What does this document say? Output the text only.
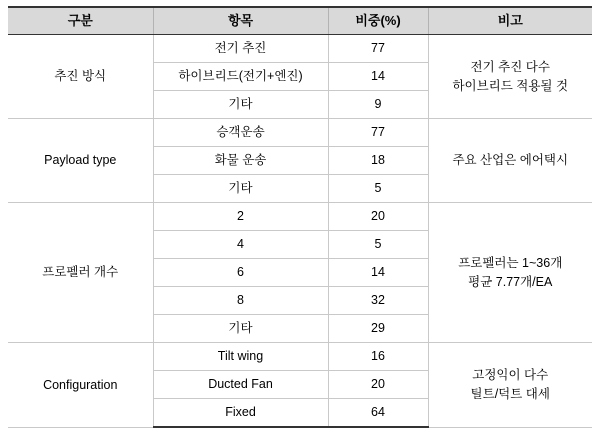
구분	항목	비중(%)	비고
추진 방식	전기 추진	77	전기 추진 다수
하이브리드 적용될 것

	하이브리드(전기+엔진)	14	
	기타	9	
Payload type	승객운송	77	주요 산업은 에어택시

	화물 운송	18	
	기타	5	
프로펠러 개수	2	20	프로펠러는 1~36개
평균 7.77개/EA

	4	5	
	6	14	
	8	32	
	기타	29	
Configuration	Tilt wing	16	고정익이 다수
틸트/덕트 대세

	Ducted Fan	20	
	Fixed	64	
